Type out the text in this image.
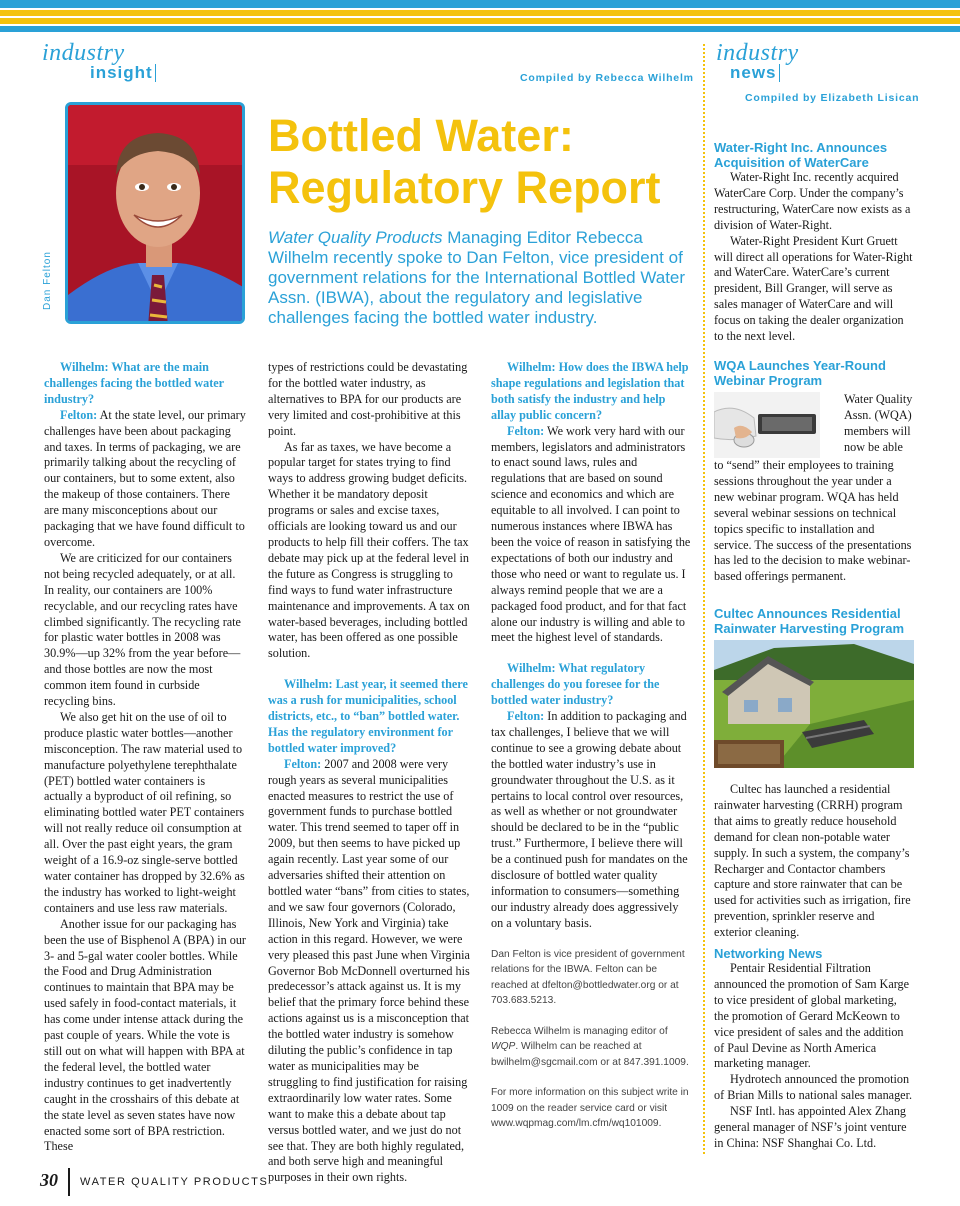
industry
insight	Compiled by Rebecca Wilhelm
industry
news
Compiled by Elizabeth Lisican
Dan Felton
Bottled Water:
Regulatory Report
Water Quality Products Managing Editor Rebecca Wilhelm recently spoke to Dan Felton, vice president of government relations for the International Bottled Water Assn. (IBWA), about the regulatory and legislative challenges facing the bottled water industry.

Wilhelm: What are the main challenges facing the bottled water industry?

Felton: At the state level, our primary challenges have been about packaging and taxes. In terms of packaging, we are primarily talking about the recycling of our containers, but to some extent, also the makeup of those containers. There are many misconceptions about our packaging that we have found difficult to overcome.

We are criticized for our containers not being recycled adequately, or at all. In reality, our containers are 100% recyclable, and our recycling rates have climbed significantly. The recycling rate for plastic water bottles in 2008 was 30.9%—up 32% from the year before—and those bottles are now the most common item found in curbside recycling bins.

We also get hit on the use of oil to produce plastic water bottles—another misconception. The raw material used to manufacture polyethylene terephthalate (PET) bottled water containers is actually a byproduct of oil refining, so eliminating bottled water PET containers will not really reduce oil consumption at all. Over the past eight years, the gram weight of a 16.9-oz single-serve bottled water container has dropped by 32.6% as the industry has worked to light-weight containers and use less raw materials.

Another issue for our packaging has been the use of Bisphenol A (BPA) in our 3- and 5-gal water cooler bottles. While the Food and Drug Administration continues to maintain that BPA may be used safely in food-contact materials, it has come under intense attack during the past couple of years. While the vote is still out on what will happen with BPA at the federal level, the bottled water industry continues to get inadvertently caught in the crosshairs of this debate at the state level as seven states have now enacted some sort of BPA restriction. These

types of restrictions could be devastating for the bottled water industry, as alternatives to BPA for our products are very limited and cost-prohibitive at this point.

As far as taxes, we have become a popular target for states trying to find ways to address growing budget deficits. Whether it be mandatory deposit programs or sales and excise taxes, officials are looking toward us and our products to help fill their coffers. The tax debate may pick up at the federal level in the future as Congress is struggling to find ways to fund water infrastructure maintenance and improvements. A tax on water-based beverages, including bottled water, has been offered as one possible solution.

Wilhelm: Last year, it seemed there was a rush for municipalities, school districts, etc., to “ban” bottled water. Has the regulatory environment for bottled water improved?

Felton: 2007 and 2008 were very rough years as several municipalities enacted measures to restrict the use of government funds to purchase bottled water. This trend seemed to taper off in 2009, but then seems to have picked up again recently. Last year some of our adversaries shifted their attention on bottled water “bans” from cities to states, and we saw four governors (Colorado, Illinois, New York and Virginia) take action in this regard. However, we were very pleased this past June when Virginia Governor Bob McDonnell overturned his predecessor’s attack against us. It is my belief that the primary force behind these actions against us is a misconception that the bottled water industry is somehow diluting the public’s confidence in tap water as municipalities may be struggling to find justification for raising extraordinarily low water rates. Some want to make this a debate about tap versus bottled water, and we just do not see that. They are both highly regulated, and both serve high and meaningful purposes in their own rights.

Wilhelm: How does the IBWA help shape regulations and legislation that both satisfy the industry and help allay public concern?

Felton: We work very hard with our members, legislators and administrators to enact sound laws, rules and regulations that are based on sound science and economics and which are equitable to all involved. I can point to numerous instances where IBWA has been the voice of reason in satisfying the expectations of both our industry and those who need or want to regulate us. I always remind people that we are a packaged food product, and for that fact alone our industry is willing and able to meet the highest level of standards.

Wilhelm: What regulatory challenges do you foresee for the bottled water industry?

Felton: In addition to packaging and tax challenges, I believe that we will continue to see a growing debate about the bottled water industry’s use in groundwater throughout the U.S. as it pertains to local control over resources, as well as whether or not groundwater should be declared to be in the “public trust.” Furthermore, I believe there will be a continued push for mandates on the disclosure of bottled water quality information to consumers—something our industry already does aggressively on a voluntary basis.

Dan Felton is vice president of government relations for the IBWA. Felton can be reached at dfelton@bottledwater.org or at 703.683.5213.

Rebecca Wilhelm is managing editor of WQP. Wilhelm can be reached at bwilhelm@sgcmail.com or at 847.391.1009.

For more information on this subject write in 1009 on the reader service card or visit www.wqpmag.com/lm.cfm/wq101009.

Water-Right Inc. Announces Acquisition of WaterCare

Water-Right Inc. recently acquired WaterCare Corp. Under the company’s restructuring, WaterCare now exists as a division of Water-Right.

Water-Right President Kurt Gruett will direct all operations for Water-Right and WaterCare. WaterCare’s current president, Bill Granger, will serve as sales manager of WaterCare and will focus on taking the dealer organization to the next level.

WQA Launches Year-Round Webinar Program

Water Quality Assn. (WQA) members will now be able

to “send” their employees to training sessions throughout the year under a new webinar program. WQA has held several webinar sessions on technical topics specific to installation and service. The success of the presentations has led to the decision to make webinar-based offerings permanent.

Cultec Announces Residential Rainwater Harvesting Program

Cultec has launched a residential rainwater harvesting (CRRH) program that aims to greatly reduce household demand for clean non-potable water supply. In such a system, the company’s Recharger and Contactor chambers capture and store rainwater that can be used for activities such as irrigation, fire prevention, sprinkler reserve and exterior cleaning.

Networking News

Pentair Residential Filtration announced the promotion of Sam Karge to vice president of global marketing, the promotion of Gerard McKeown to vice president of sales and the addition of Paul Devine as North America marketing manager.

Hydrotech announced the promotion of Brian Mills to national sales manager.

NSF Intl. has appointed Alex Zhang general manager of NSF’s joint venture in China: NSF Shanghai Co. Ltd.

30	WATER QUALITY PRODUCTS
